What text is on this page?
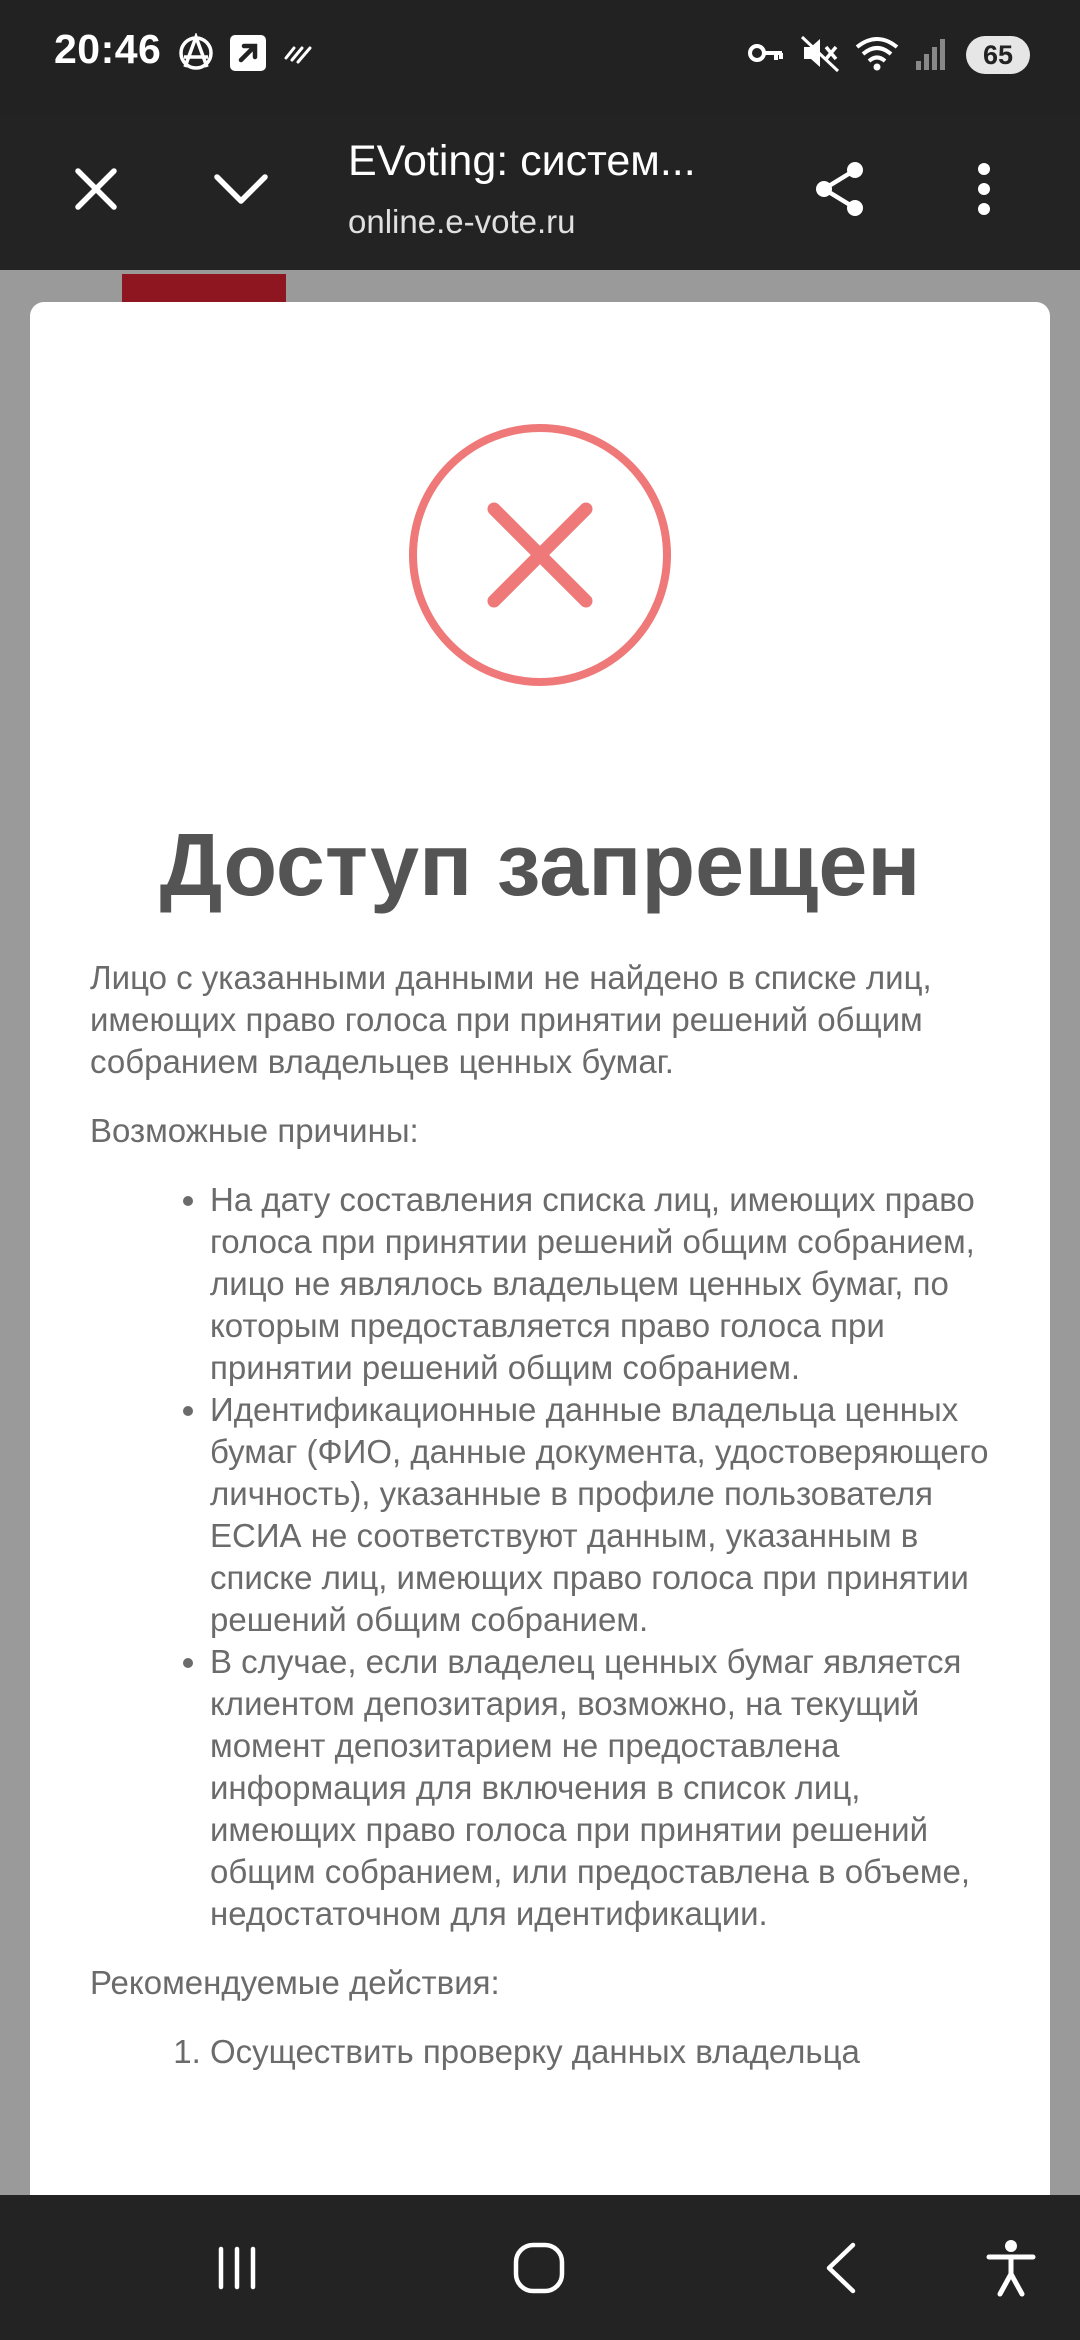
20:46	65
EVoting: систем...
online.e-vote.ru
Доступ запрещен

Лицо с указанными данными не найдено в списке лиц, имеющих право голоса при принятии решений общим собранием владельцев ценных бумаг.

Возможные причины:

• На дату составления списка лиц, имеющих право голоса при принятии решений общим собранием, лицо не являлось владельцем ценных бумаг, по которым предоставляется право голоса при принятии решений общим собранием.
• Идентификационные данные владельца ценных бумаг (ФИО, данные документа, удостоверяющего личность), указанные в профиле пользователя ЕСИА не соответствуют данным, указанным в списке лиц, имеющих право голоса при принятии решений общим собранием.
• В случае, если владелец ценных бумаг является клиентом депозитария, возможно, на текущий момент депозитарием не предоставлена информация для включения в список лиц, имеющих право голоса при принятии решений общим собранием, или предоставлена в объеме, недостаточном для идентификации.

Рекомендуемые действия:

1. Осуществить проверку данных владельца
